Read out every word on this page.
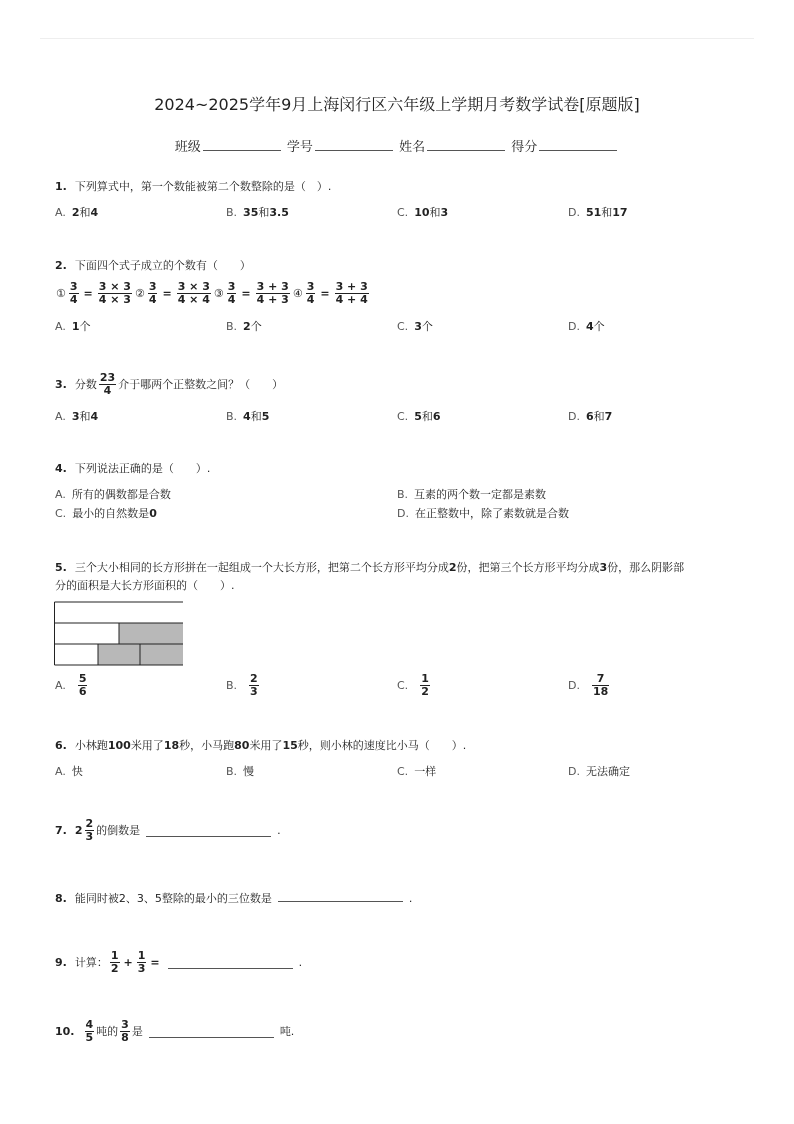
2024~2025学年9月上海闵行区六年级上学期月考数学试卷[原题版]
班级	学号	姓名	得分
1. 下列算式中，第一个数能被第二个数整除的是（　）.
A. 2和4	B. 35和3.5	C. 10和3	D. 51和17
2. 下面四个式子成立的个数有（　　）
① $\frac{3}{4} = \frac{3 \times 3}{4 \times 3}$ ② $\frac{3}{4} = \frac{3 \times 3}{4 \times 4}$ ③ $\frac{3}{4} = \frac{3 + 3}{4 + 3}$ ④ $\frac{3}{4} = \frac{3 + 3}{4 + 4}$
A. 1个	B. 2个	C. 3个	D. 4个
3. 分数 $\frac{23}{4}$ 介于哪两个正整数之间？（　　）
A. 3和4	B. 4和5	C. 5和6	D. 6和7
4. 下列说法正确的是（　　）.
A. 所有的偶数都是合数	B. 互素的两个数一定都是素数
C. 最小的自然数是0	D. 在正整数中，除了素数就是合数
5. 三个大小相同的长方形拼在一起组成一个大长方形，把第二个长方形平均分成2份，把第三个长方形平均分成3份，那么阴影部
分的面积是大长方形面积的（　　）.
A. $\frac{5}{6}$	B. $\frac{2}{3}$	C. $\frac{1}{2}$	D. $\frac{7}{18}$
6. 小林跑100米用了18秒，小马跑80米用了15秒，则小林的速度比小马（　　）.
A. 快	B. 慢	C. 一样	D. 无法确定
7. $2 \frac{2}{3}$ 的倒数是	.
8. 能同时被2、3、5整除的最小的三位数是	.
9. 计算： $\frac{1}{2} + \frac{1}{3}$ =	.
10. $\frac{4}{5}$ 吨的 $\frac{3}{8}$ 是	吨.
